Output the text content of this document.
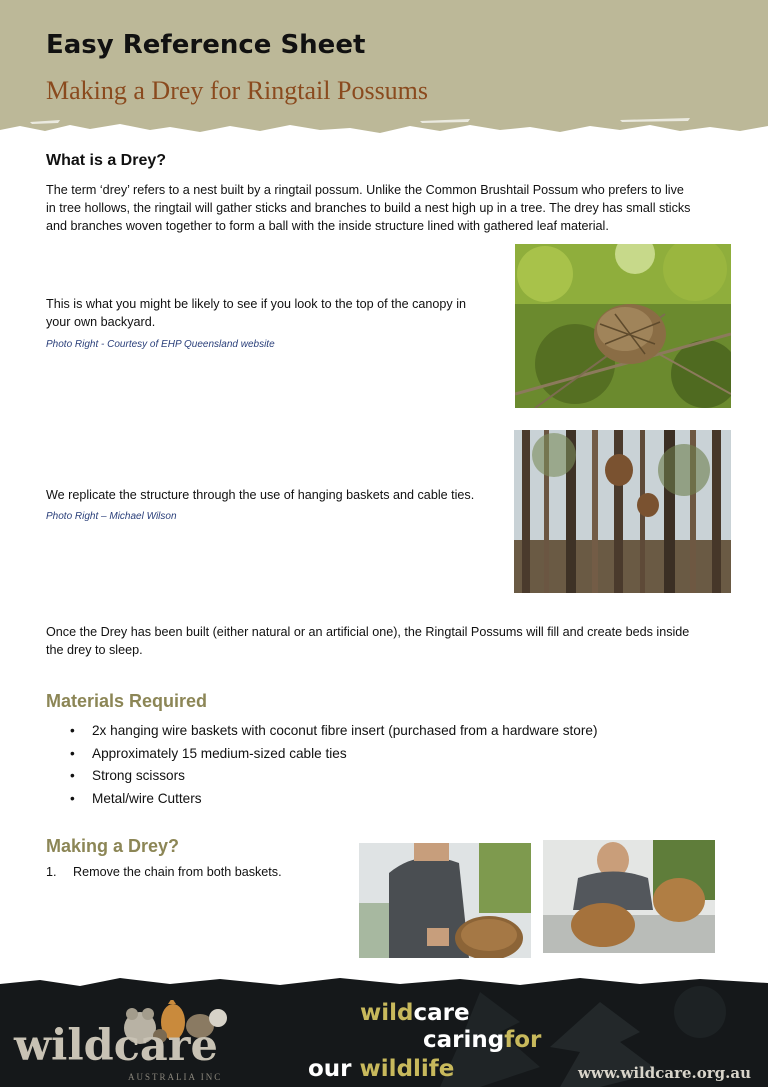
Easy Reference Sheet
Making a Drey for Ringtail Possums
What is a Drey?
The term ‘drey’ refers to a nest built by a ringtail possum. Unlike the Common Brushtail Possum who prefers to live
in tree hollows, the ringtail will gather sticks and branches to build a nest high up in a tree. The drey has small sticks
and branches woven together to form a ball with the inside structure lined with gathered leaf material.
This is what you might be likely to see if you look to the top of the canopy in
your own backyard.
Photo Right - Courtesy of EHP Queensland website
We replicate the structure through the use of hanging baskets and cable ties.
Photo Right – Michael Wilson
Once the Drey has been built (either natural or an artificial one), the Ringtail Possums will fill and create beds inside
the drey to sleep.
Materials Required
• 2x hanging wire baskets with coconut fibre insert (purchased from a hardware store)
• Approximately 15 medium-sized cable ties
• Strong scissors
• Metal/wire Cutters
Making a Drey?
1. Remove the chain from both baskets.
wildcare
AUSTRALIA INC
wildcare
caringfor
our wildlife	www.wildcare.org.au
